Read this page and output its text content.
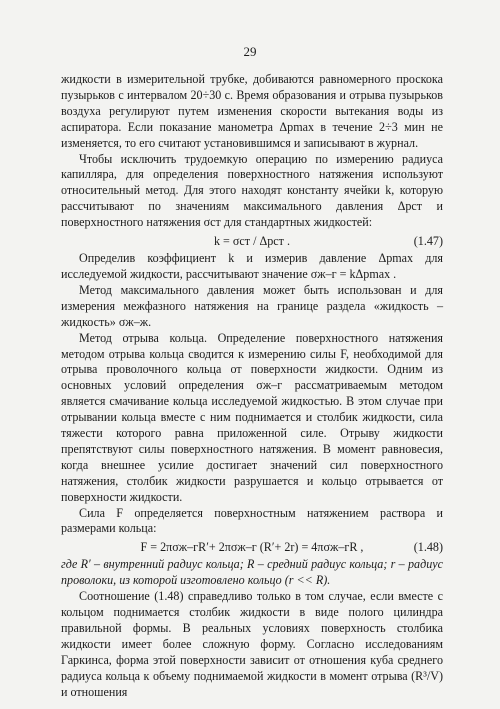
29

жидкости в измерительной трубке, добиваются равномерного проскока пузырьков с интервалом 20÷30 с. Время образования и отрыва пузырьков воздуха регулируют путем изменения скорости вытекания воды из аспиратора. Если показание манометра Δpmax в течение 2÷3 мин не изменяется, то его считают установившимся и записывают в журнал.

Чтобы исключить трудоемкую операцию по измерению радиуса капилляра, для определения поверхностного натяжения используют относительный метод. Для этого находят константу ячейки k, которую рассчитывают по значениям максимального давления Δpст и поверхностного натяжения σст для стандартных жидкостей:

k = σст / Δpст .	(1.47)

Определив коэффициент k и измерив давление Δpmax для исследуемой жидкости, рассчитывают значение σж–г = kΔpmax .

Метод максимального давления может быть использован и для измерения межфазного натяжения на границе раздела «жидкость – жидкость» σж–ж.

Метод отрыва кольца. Определение поверхностного натяжения методом отрыва кольца сводится к измерению силы F, необходимой для отрыва проволочного кольца от поверхности жидкости. Одним из основных условий определения σж–г рассматриваемым методом является смачивание кольца исследуемой жидкостью. В этом случае при отрывании кольца вместе с ним поднимается и столбик жидкости, сила тяжести которого равна приложенной силе. Отрыву жидкости препятствуют силы поверхностного натяжения. В момент равновесия, когда внешнее усилие достигает значений сил поверхностного натяжения, столбик жидкости разрушается и кольцо отрывается от поверхности жидкости.

Сила F определяется поверхностным натяжением раствора и размерами кольца:

F = 2πσж–гR′+ 2πσж–г (R′+ 2r) = 4πσж–гR ,	(1.48)

где R′ – внутренний радиус кольца; R – средний радиус кольца; r – радиус проволоки, из которой изготовлено кольцо (r << R).

Соотношение (1.48) справедливо только в том случае, если вместе с кольцом поднимается столбик жидкости в виде полого цилиндра правильной формы. В реальных условиях поверхность столбика жидкости имеет более сложную форму. Согласно исследованиям Гаркинса, форма этой поверхности зависит от отношения куба среднего радиуса кольца к объему поднимаемой жидкости в момент отрыва (R³/V) и отношения
